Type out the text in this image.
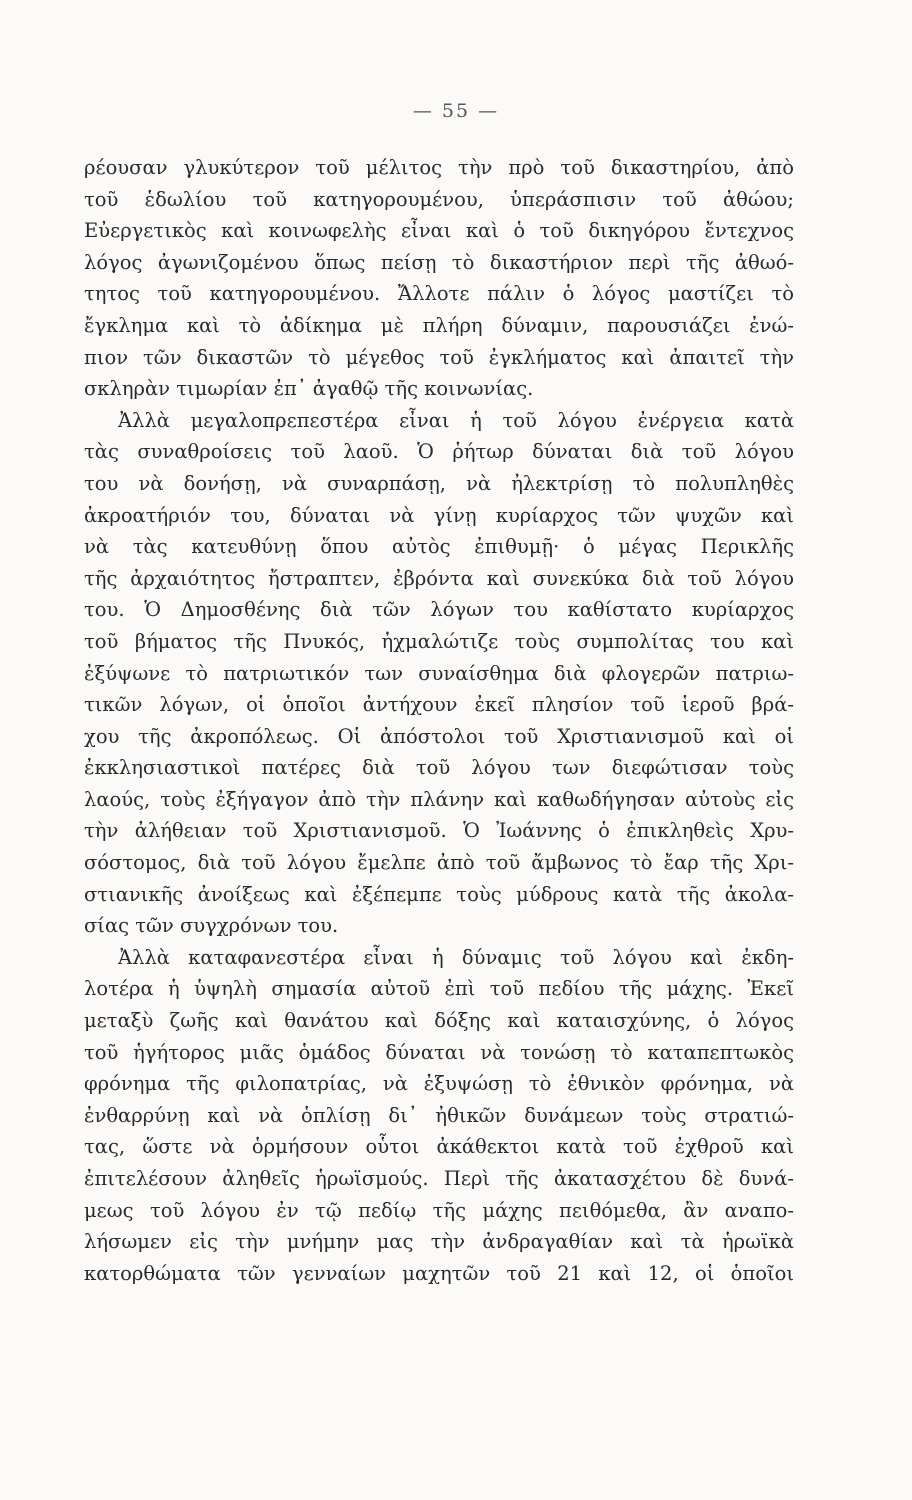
— 55 —
ρέουσαν γλυκύτερον τοῦ μέλιτος τὴν πρὸ τοῦ δικαστηρίου, ἀπὸ
τοῦ ἑδωλίου τοῦ κατηγορουμένου, ὑπεράσπισιν τοῦ ἀθώου;
Εὐεργετικὸς καὶ κοινωφελὴς εἶναι καὶ ὁ τοῦ δικηγόρου ἔντεχνος
λόγος ἀγωνιζομένου ὅπως πείσῃ τὸ δικαστήριον περὶ τῆς ἀθωό-
τητος τοῦ κατηγορουμένου. Ἄλλοτε πάλιν ὁ λόγος μαστίζει τὸ
ἔγκλημα καὶ τὸ ἀδίκημα μὲ πλήρη δύναμιν, παρουσιάζει ἐνώ-
πιον τῶν δικαστῶν τὸ μέγεθος τοῦ ἐγκλήματος καὶ ἀπαιτεῖ τὴν
σκληρὰν τιμωρίαν ἐπ᾿ ἀγαθῷ τῆς κοινωνίας.
Ἀλλὰ μεγαλοπρεπεστέρα εἶναι ἡ τοῦ λόγου ἐνέργεια κατὰ
τὰς συναθροίσεις τοῦ λαοῦ. Ὁ ῥήτωρ δύναται διὰ τοῦ λόγου
του νὰ δονήσῃ, νὰ συναρπάσῃ, νὰ ἠλεκτρίσῃ τὸ πολυπληθὲς
ἀκροατήριόν του, δύναται νὰ γίνῃ κυρίαρχος τῶν ψυχῶν καὶ
νὰ τὰς κατευθύνῃ ὅπου αὐτὸς ἐπιθυμῇ· ὁ μέγας Περικλῆς
τῆς ἀρχαιότητος ἤστραπτεν, ἐβρόντα καὶ συνεκύκα διὰ τοῦ λόγου
του. Ὁ Δημοσθένης διὰ τῶν λόγων του καθίστατο κυρίαρχος
τοῦ βήματος τῆς Πνυκός, ἠχμαλώτιζε τοὺς συμπολίτας του καὶ
ἐξύψωνε τὸ πατριωτικόν των συναίσθημα διὰ φλογερῶν πατριω-
τικῶν λόγων, οἱ ὁποῖοι ἀντήχουν ἐκεῖ πλησίον τοῦ ἱεροῦ βρά-
χου τῆς ἀκροπόλεως. Οἱ ἀπόστολοι τοῦ Χριστιανισμοῦ καὶ οἱ
ἐκκλησιαστικοὶ πατέρες διὰ τοῦ λόγου των διεφώτισαν τοὺς
λαούς, τοὺς ἐξήγαγον ἀπὸ τὴν πλάνην καὶ καθωδήγησαν αὐτοὺς εἰς
τὴν ἀλήθειαν τοῦ Χριστιανισμοῦ. Ὁ Ἰωάννης ὁ ἐπικληθεὶς Χρυ-
σόστομος, διὰ τοῦ λόγου ἔμελπε ἀπὸ τοῦ ἄμβωνος τὸ ἔαρ τῆς Χρι-
στιανικῆς ἀνοίξεως καὶ ἐξέπεμπε τοὺς μύδρους κατὰ τῆς ἀκολα-
σίας τῶν συγχρόνων του.
Ἀλλὰ καταφανεστέρα εἶναι ἡ δύναμις τοῦ λόγου καὶ ἐκδη-
λοτέρα ἡ ὑψηλὴ σημασία αὐτοῦ ἐπὶ τοῦ πεδίου τῆς μάχης. Ἐκεῖ
μεταξὺ ζωῆς καὶ θανάτου καὶ δόξης καὶ καταισχύνης, ὁ λόγος
τοῦ ἡγήτορος μιᾶς ὁμάδος δύναται νὰ τονώσῃ τὸ καταπεπτωκὸς
φρόνημα τῆς φιλοπατρίας, νὰ ἐξυψώσῃ τὸ ἐθνικὸν φρόνημα, νὰ
ἐνθαρρύνῃ καὶ νὰ ὁπλίσῃ δι᾿ ἠθικῶν δυνάμεων τοὺς στρατιώ-
τας, ὥστε νὰ ὁρμήσουν οὗτοι ἀκάθεκτοι κατὰ τοῦ ἐχθροῦ καὶ
ἐπιτελέσουν ἀληθεῖς ἡρωϊσμούς. Περὶ τῆς ἀκατασχέτου δὲ δυνά-
μεως τοῦ λόγου ἐν τῷ πεδίῳ τῆς μάχης πειθόμεθα, ἂν αναπο-
λήσωμεν εἰς τὴν μνήμην μας τὴν ἀνδραγαθίαν καὶ τὰ ἡρωϊκὰ
κατορθώματα τῶν γενναίων μαχητῶν τοῦ 21 καὶ 12, οἱ ὁποῖοι
